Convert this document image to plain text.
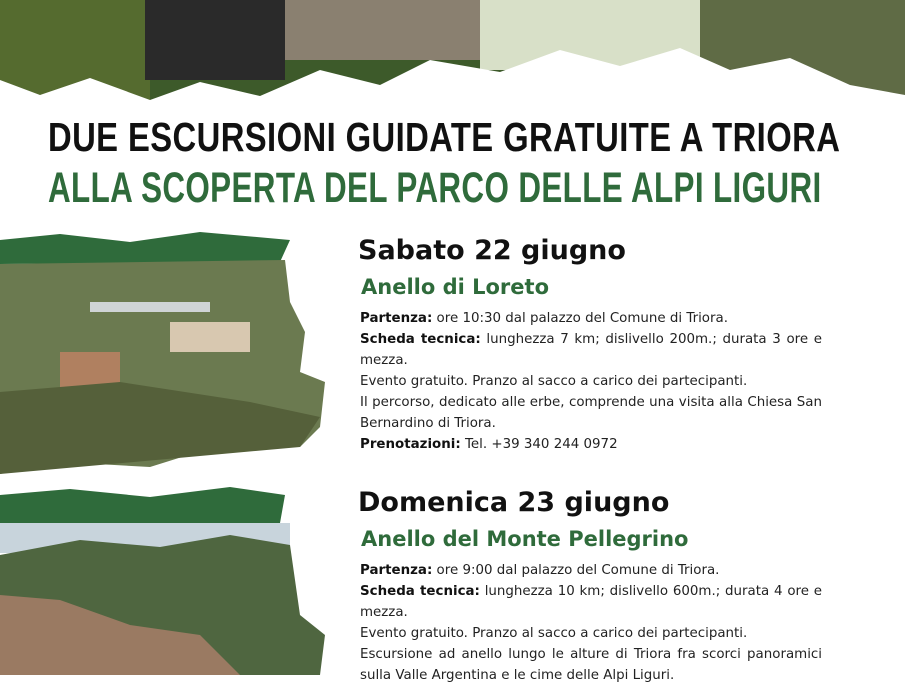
DUE ESCURSIONI GUIDATE GRATUITE A TRIORA
ALLA SCOPERTA DEL PARCO DELLE ALPI LIGURI
Sabato 22 giugno
Anello di Loreto
Partenza: ore 10:30 dal palazzo del Comune di Triora.
Scheda tecnica: lunghezza 7 km; dislivello 200m.; durata 3 ore e mezza.
Evento gratuito. Pranzo al sacco a carico dei partecipanti.
Il percorso, dedicato alle erbe, comprende una visita alla Chiesa San Bernardino di Triora.
Prenotazioni: Tel. +39 340 244 0972
Domenica 23 giugno
Anello del Monte Pellegrino
Partenza: ore 9:00 dal palazzo del Comune di Triora.
Scheda tecnica: lunghezza 10 km; dislivello 600m.; durata 4 ore e mezza.
Evento gratuito. Pranzo al sacco a carico dei partecipanti.
Escursione ad anello lungo le alture di Triora fra scorci panoramici sulla Valle Argentina e le cime delle Alpi Liguri.
